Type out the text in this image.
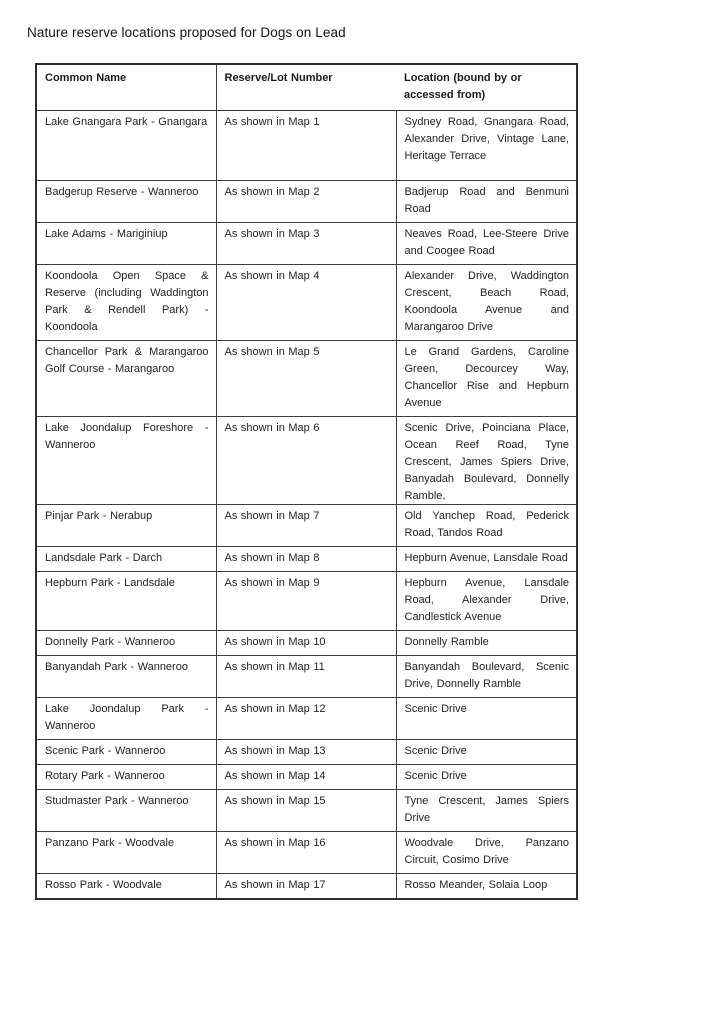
Nature reserve locations proposed for Dogs on Lead
Common Name	Reserve/Lot Number	Location (bound by or accessed from)

Lake Gnangara Park - Gnangara	As shown in Map 1	Sydney Road, Gnangara Road, Alexander Drive, Vintage Lane, Heritage Terrace

Badgerup Reserve - Wanneroo	As shown in Map 2	Badjerup Road and Benmuni Road

Lake Adams - Mariginiup	As shown in Map 3	Neaves Road, Lee-Steere Drive and Coogee Road

Koondoola Open Space & Reserve (including Waddington Park & Rendell Park) - Koondoola	As shown in Map 4	Alexander Drive, Waddington Crescent, Beach Road, Koondoola Avenue and Marangaroo Drive

Chancellor Park & Marangaroo Golf Course - Marangaroo	As shown in Map 5	Le Grand Gardens, Caroline Green, Decourcey Way, Chancellor Rise and Hepburn Avenue

Lake Joondalup Foreshore - Wanneroo	As shown in Map 6	Scenic Drive, Poinciana Place, Ocean Reef Road, Tyne Crescent, James Spiers Drive, Banyadah Boulevard, Donnelly Ramble,

Pinjar Park - Nerabup	As shown in Map 7	Old Yanchep Road, Pederick Road, Tandos Road

Landsdale Park - Darch	As shown in Map 8	Hepburn Avenue, Lansdale Road

Hepburn Park - Landsdale	As shown in Map 9	Hepburn Avenue, Lansdale Road, Alexander Drive, Candlestick Avenue

Donnelly Park - Wanneroo	As shown in Map 10	Donnelly Ramble

Banyandah Park - Wanneroo	As shown in Map 11	Banyandah Boulevard, Scenic Drive, Donnelly Ramble

Lake Joondalup Park - Wanneroo	As shown in Map 12	Scenic Drive

Scenic Park - Wanneroo	As shown in Map 13	Scenic Drive

Rotary Park - Wanneroo	As shown in Map 14	Scenic Drive

Studmaster Park - Wanneroo	As shown in Map 15	Tyne Crescent, James Spiers Drive

Panzano Park - Woodvale	As shown in Map 16	Woodvale Drive, Panzano Circuit, Cosimo Drive

Rosso Park - Woodvale	As shown in Map 17	Rosso Meander, Solaia Loop
